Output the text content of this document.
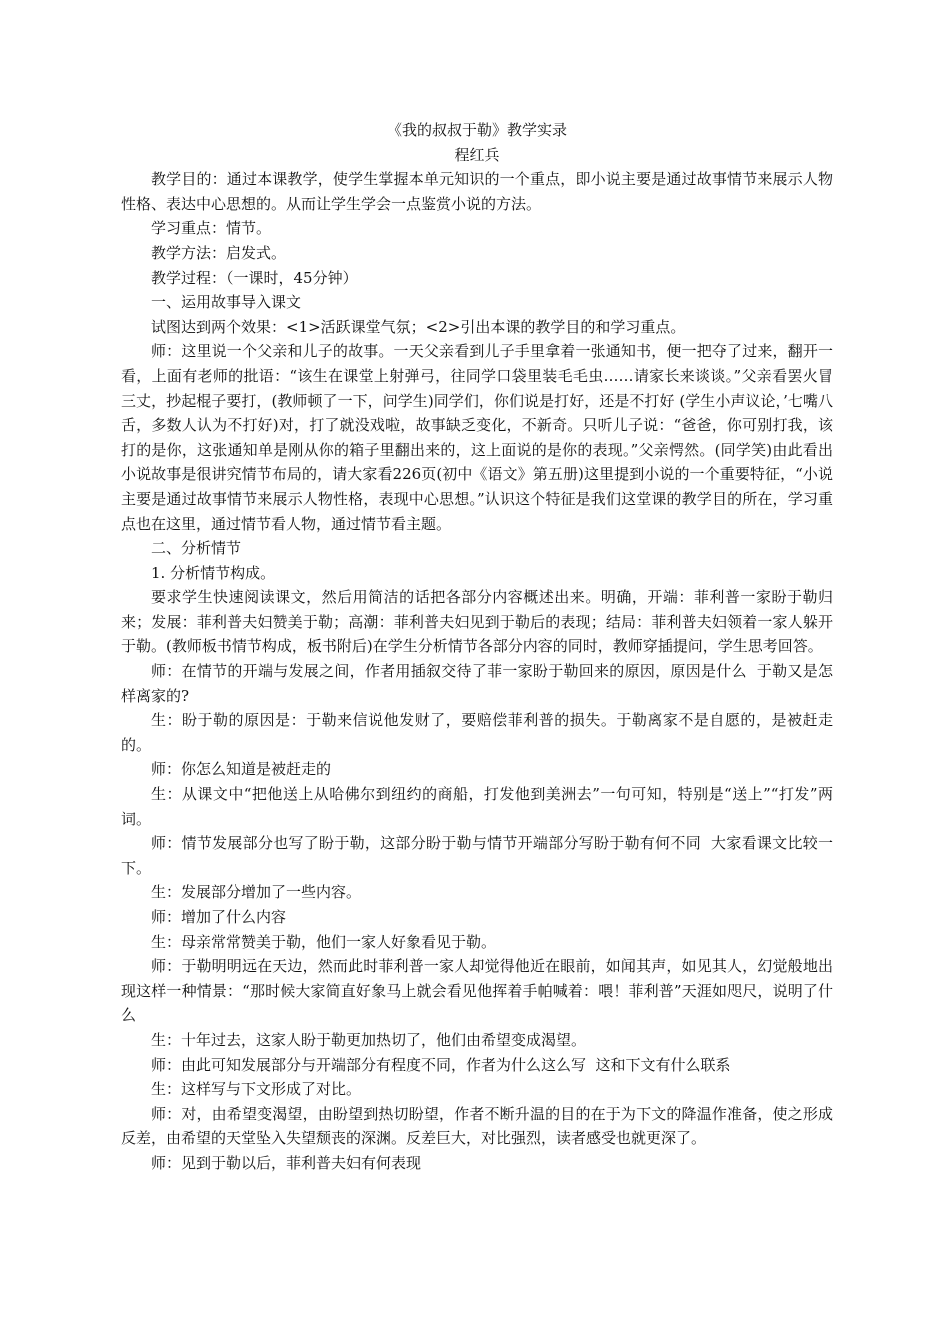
《我的叔叔于勒》教学实录

程红兵

教学目的：通过本课教学，使学生掌握本单元知识的一个重点，即小说主要是通过故事情节来展示人物性格、表达中心思想的。从而让学生学会一点鉴赏小说的方法。

学习重点：情节。

教学方法：启发式。

教学过程：（一课时，45分钟）

一、运用故事导入课文

试图达到两个效果：<1>活跃课堂气氛；<2>引出本课的教学目的和学习重点。

师：这里说一个父亲和儿子的故事。一天父亲看到儿子手里拿着一张通知书，便一把夺了过来，翻开一看，上面有老师的批语：“该生在课堂上射弹弓，往同学口袋里装毛毛虫……请家长来谈谈。”父亲看罢火冒三丈，抄起棍子要打，(教师顿了一下，问学生)同学们，你们说是打好，还是不打好 (学生小声议论，’七嘴八舌，多数人认为不打好)对，打了就没戏啦，故事缺乏变化，不新奇。只听儿子说：“爸爸，你可别打我，该打的是你，这张通知单是刚从你的箱子里翻出来的，这上面说的是你的表现。”父亲愕然。(同学笑)由此看出小说故事是很讲究情节布局的，请大家看226页(初中《语文》第五册)这里提到小说的一个重要特征，“小说主要是通过故事情节来展示人物性格，表现中心思想。”认识这个特征是我们这堂课的教学目的所在，学习重点也在这里，通过情节看人物，通过情节看主题。

二、分析情节

1. 分析情节构成。

要求学生快速阅读课文，然后用简洁的话把各部分内容概述出来。明确，开端：菲利普一家盼于勒归来；发展：菲利普夫妇赞美于勒；高潮：菲利普夫妇见到于勒后的表现；结局：菲利普夫妇领着一家人躲开于勒。(教师板书情节构成，板书附后)在学生分析情节各部分内容的同时，教师穿插提问，学生思考回答。

师：在情节的开端与发展之间，作者用插叙交待了菲一家盼于勒回来的原因，原因是什么  于勒又是怎样离家的?

生：盼于勒的原因是：于勒来信说他发财了，要赔偿菲利普的损失。于勒离家不是自愿的，是被赶走的。

师：你怎么知道是被赶走的

生：从课文中“把他送上从哈佛尔到纽约的商船，打发他到美洲去”一句可知，特别是“送上”“打发”两词。

师：情节发展部分也写了盼于勒，这部分盼于勒与情节开端部分写盼于勒有何不同  大家看课文比较一下。

生：发展部分增加了一些内容。

师：增加了什么内容

生：母亲常常赞美于勒，他们一家人好象看见于勒。

师：于勒明明远在天边，然而此时菲利普一家人却觉得他近在眼前，如闻其声，如见其人，幻觉般地出现这样一种情景：“那时候大家简直好象马上就会看见他挥着手帕喊着：喂！菲利普”天涯如咫尺，说明了什么

生：十年过去，这家人盼于勒更加热切了，他们由希望变成渴望。

师：由此可知发展部分与开端部分有程度不同，作者为什么这么写  这和下文有什么联系

生：这样写与下文形成了对比。

师：对，由希望变渴望，由盼望到热切盼望，作者不断升温的目的在于为下文的降温作准备，使之形成反差，由希望的天堂坠入失望颓丧的深渊。反差巨大，对比强烈，读者感受也就更深了。

师：见到于勒以后，菲利普夫妇有何表现
